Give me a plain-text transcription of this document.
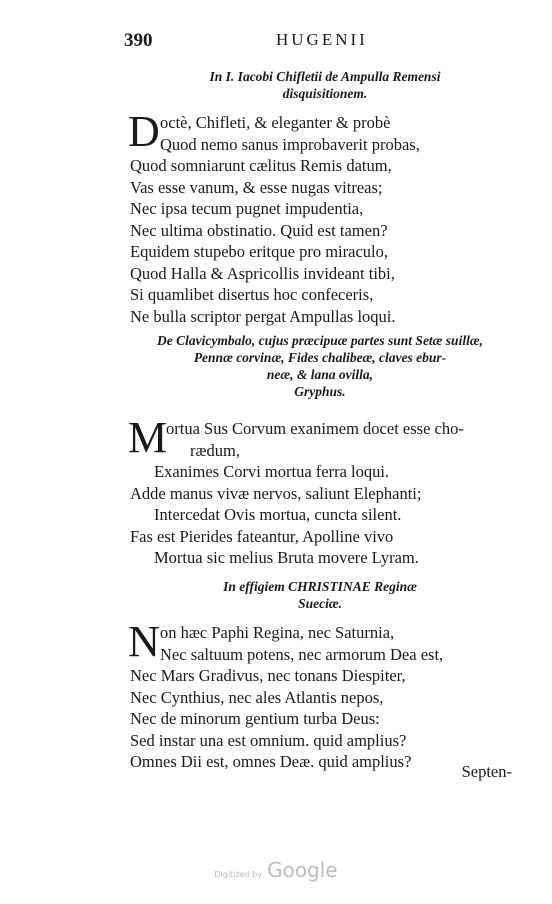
390	HUGENII
In I. Iacobi Chifletii de Ampulla Remensi
disquisitionem.
D octè, Chifleti, & eleganter & probè
Quod nemo sanus improbaverit probas,
Quod somniarunt cælitus Remis datum,
Vas esse vanum, & esse nugas vitreas;
Nec ipsa tecum pugnet impudentia,
Nec ultima obstinatio. Quid est tamen?
Equidem stupebo eritque pro miraculo,
Quod Halla & Aspricollis invideant tibi,
Si quamlibet disertus hoc confeceris,
Ne bulla scriptor pergat Ampullas loqui.
De Clavicymbalo, cujus præcipuæ partes sunt Setæ suillæ,
Pennæ corvinæ, Fides chalibeæ, claves ebur-
neæ, & lana ovilla,
Gryphus.
M
ortua Sus Corvum exanimem docet esse cho-
rædum,
Exanimes Corvi mortua ferra loqui.
Adde manus vivæ nervos, saliunt Elephanti;
Intercedat Ovis mortua, cuncta silent.
Fas est Pierides fateantur, Apolline vivo
Mortua sic melius Bruta movere Lyram.
In effigiem CHRISTINAE Reginæ
Sueciæ.
N on hæc Paphi Regina, nec Saturnia,
Nec saltuum potens, nec armorum Dea est,
Nec Mars Gradivus, nec tonans Diespiter,
Nec Cynthius, nec ales Atlantis nepos,
Nec de minorum gentium turba Deus:
Sed instar una est omnium. quid amplius?
Omnes Dii est, omnes Deæ. quid amplius?
Septen-
Digitized by Google
